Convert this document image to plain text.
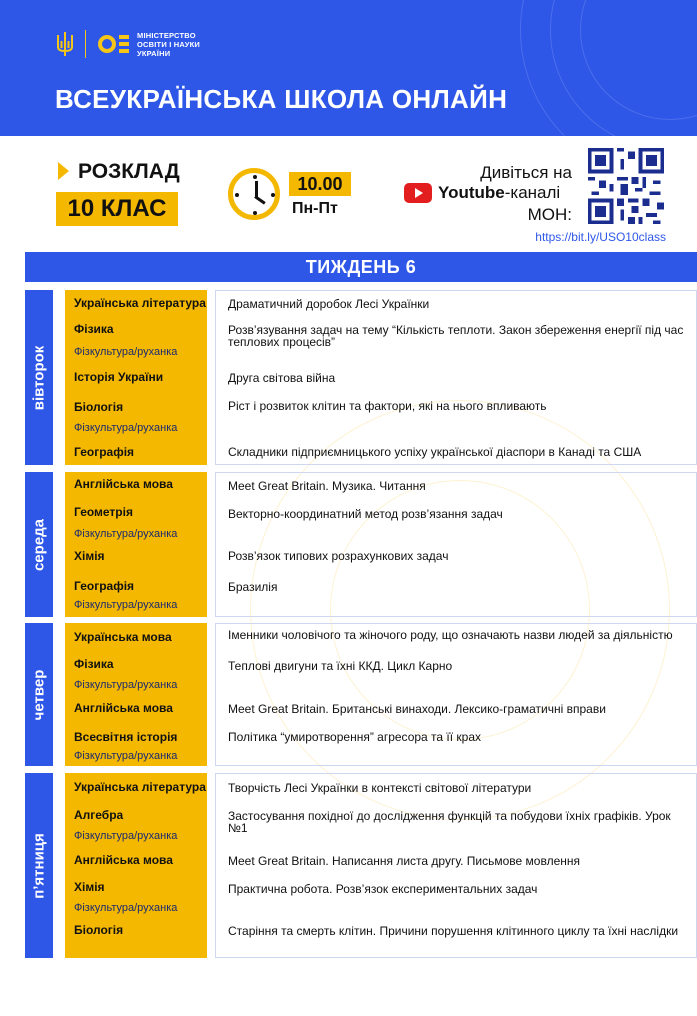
МІНІСТЕРСТВО
ОСВІТИ І НАУКИ
УКРАЇНИ
ВСЕУКРАЇНСЬКА ШКОЛА ОНЛАЙН
РОЗКЛАД
10 КЛАС
10.00
Пн-Пт
Дивіться на
Youtube-каналі
МОН:
https://bit.ly/USO10class
ТИЖДЕНЬ 6
вівторок
Українська література
Фізика
Фізкультура/руханка
Історія України
Біологія
Фізкультура/руханка
Географія
Драматичний доробок Лесі Українки
Розв’язування задач на тему “Кількість теплоти. Закон збереження енергії під час теплових процесів”
Друга світова війна
Ріст і розвиток клітин та фактори, які на нього впливають
Складники підприємницького успіху української діаспори в Канаді та США
середа
Англійська мова
Геометрія
Фізкультура/руханка
Хімія
Географія
Фізкультура/руханка
Meet Great Britain. Музика. Читання
Векторно-координатний метод розв’язання задач
Розв’язок типових розрахункових задач
Бразилія
четвер
Українська мова
Фізика
Фізкультура/руханка
Англійська мова
Всесвітня історія
Фізкультура/руханка
Іменники чоловічого та жіночого роду, що означають назви людей за діяльністю
Теплові двигуни та їхні ККД. Цикл Карно
Meet Great Britain. Британські винаходи. Лексико-граматичні вправи
Політика “умиротворення” агресора та її крах
п’ятниця
Українська література
Алгебра
Фізкультура/руханка
Англійська мова
Хімія
Фізкультура/руханка
Біологія
Творчість Лесі Українки в контексті світової літератури
Застосування похідної до дослідження функцій та побудови їхніх графіків. Урок №1
Meet Great Britain. Написання листа другу. Письмове мовлення
Практична робота. Розв’язок експериментальних задач
Старіння та смерть клітин. Причини порушення клітинного циклу та їхні наслідки
